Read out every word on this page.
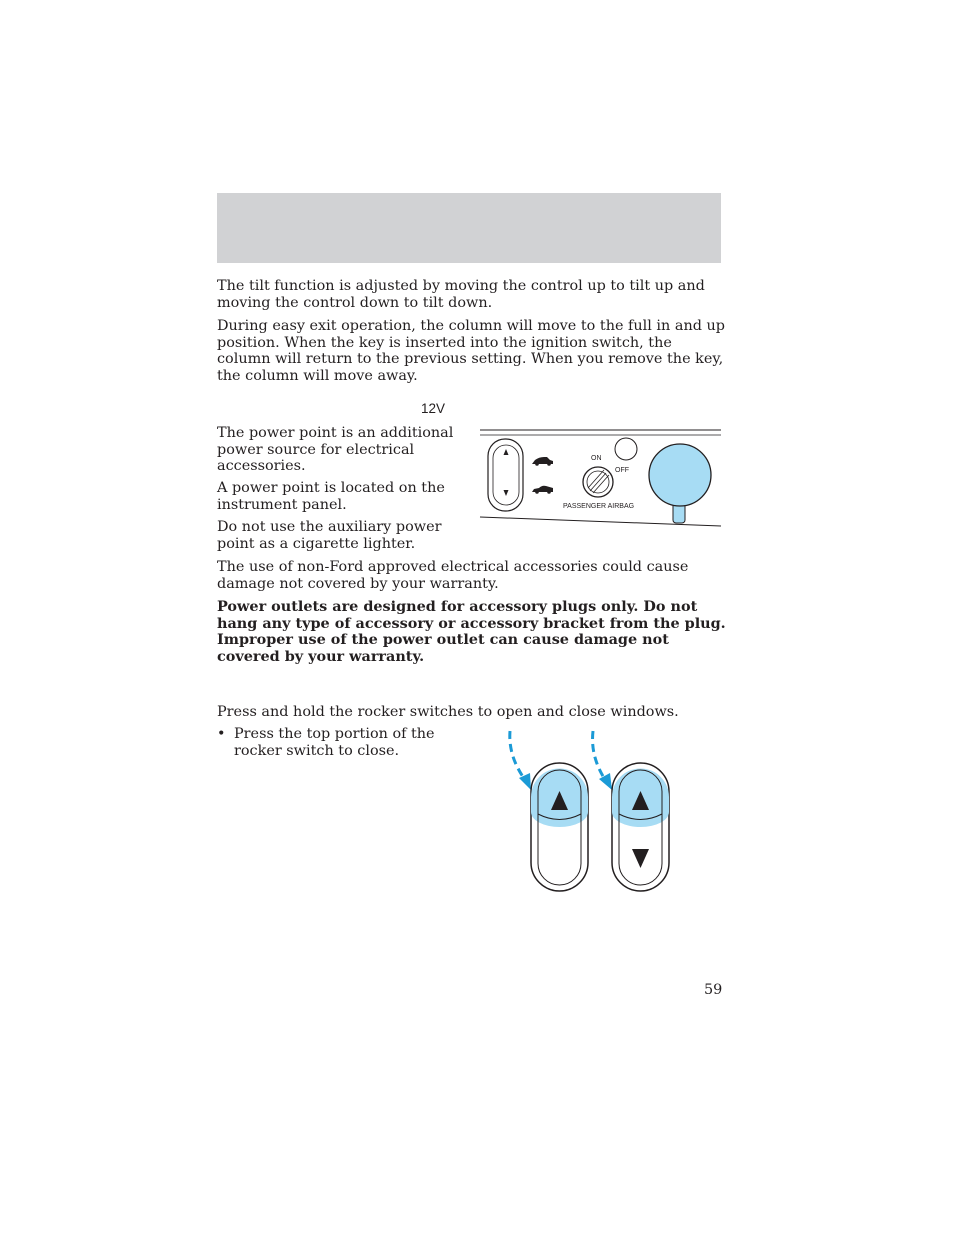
The tilt function is adjusted by moving the control up to tilt up and moving the control down to tilt down.

During easy exit operation, the column will move to the full in and up position. When the key is inserted into the ignition switch, the column will return to the previous setting. When you remove the key, the column will move away.

12V

The power point is an additional power source for electrical accessories.

A power point is located on the instrument panel.

Do not use the auxiliary power point as a cigarette lighter.

ON
OFF
PASSENGER AIRBAG

The use of non-Ford approved electrical accessories could cause damage not covered by your warranty.

Power outlets are designed for accessory plugs only. Do not hang any type of accessory or accessory bracket from the plug. Improper use of the power outlet can cause damage not covered by your warranty.

Press and hold the rocker switches to open and close windows.

• Press the top portion of the rocker switch to close.

59
